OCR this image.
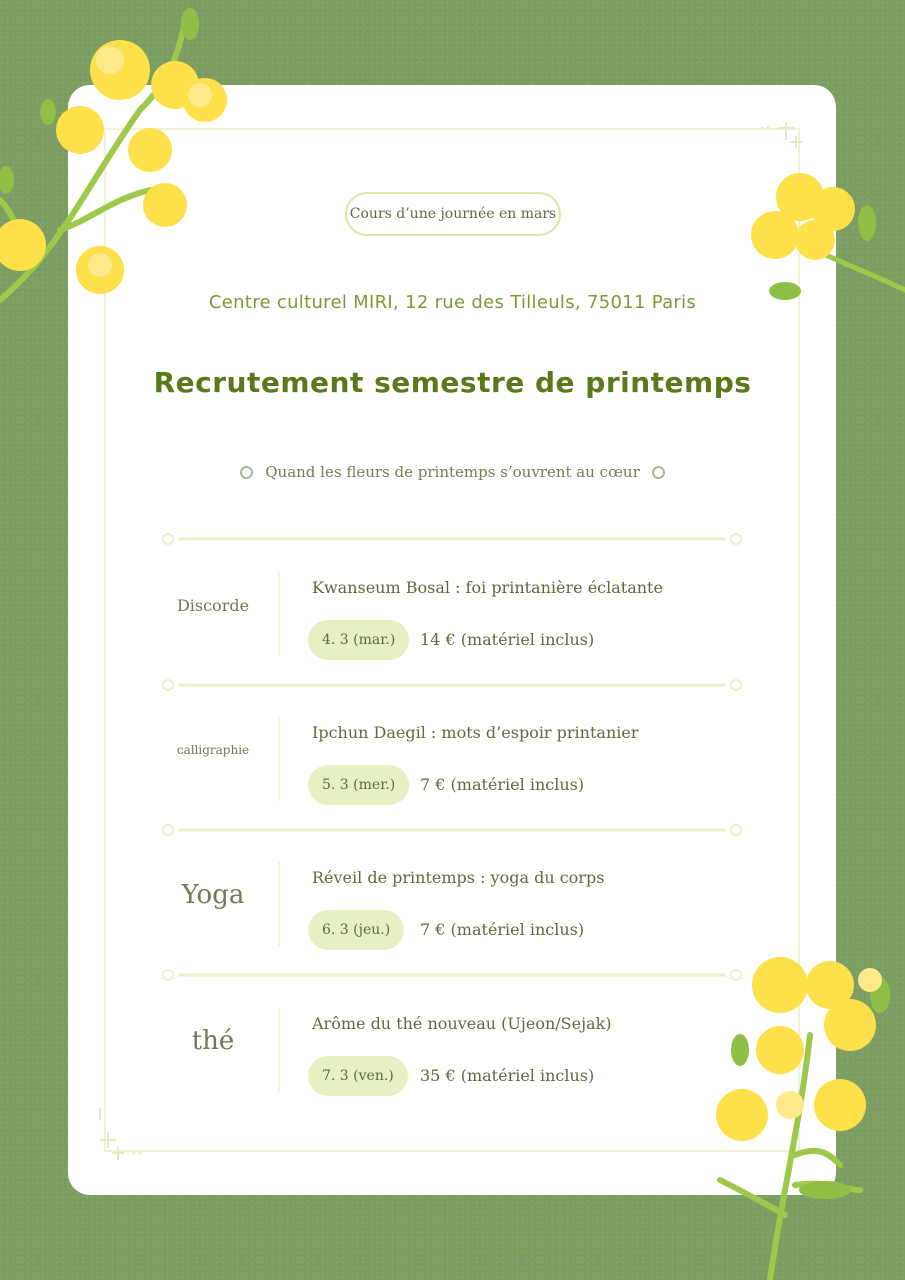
Cours d’une journée en mars
Centre culturel MIRI, 12 rue des Tilleuls, 75011 Paris
Recrutement semestre de printemps
Quand les fleurs de printemps s’ouvrent au cœur
Discorde
Kwanseum Bosal : foi printanière éclatante
4. 3 (mar.)	14 € (matériel inclus)
calligraphie
Ipchun Daegil : mots d’espoir printanier
5. 3 (mer.)	7 € (matériel inclus)
Yoga
Réveil de printemps : yoga du corps
6. 3 (jeu.)	7 € (matériel inclus)
thé
Arôme du thé nouveau (Ujeon/Sejak)
7. 3 (ven.)	35 € (matériel inclus)
